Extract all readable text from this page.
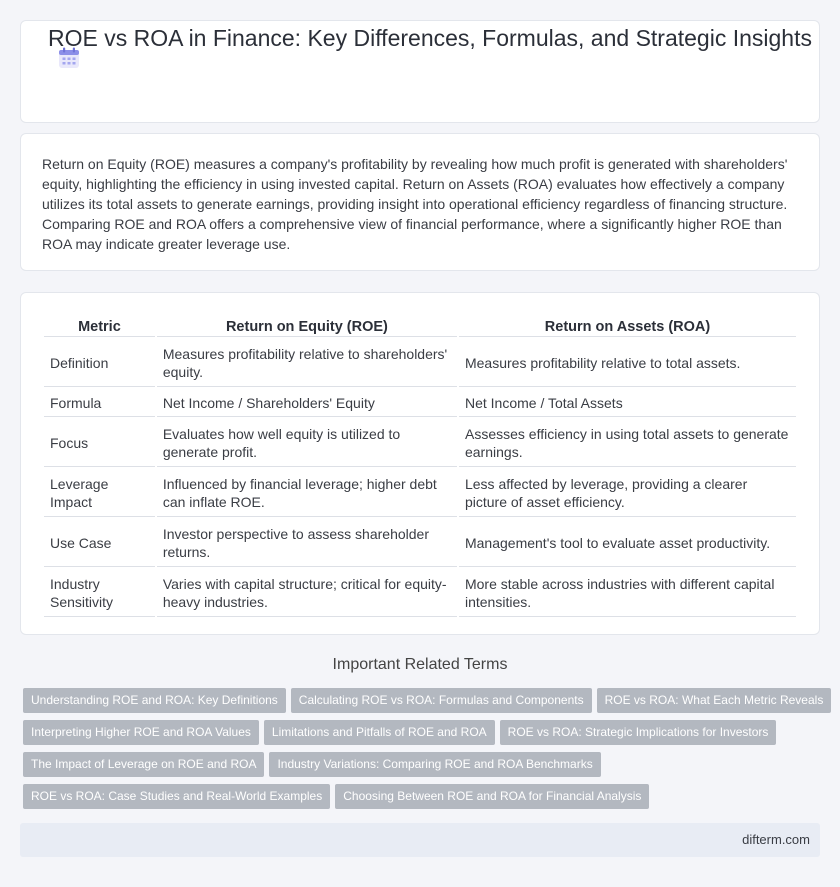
ROE vs ROA in Finance: Key Differences, Formulas, and Strategic Insights

Return on Equity (ROE) measures a company's profitability by revealing how much profit is generated with shareholders' equity, highlighting the efficiency in using invested capital. Return on Assets (ROA) evaluates how effectively a company utilizes its total assets to generate earnings, providing insight into operational efficiency regardless of financing structure. Comparing ROE and ROA offers a comprehensive view of financial performance, where a significantly higher ROE than ROA may indicate greater leverage use.

Metric	Return on Equity (ROE)	Return on Assets (ROA)
Definition	Measures profitability relative to shareholders' equity.	Measures profitability relative to total assets.
Formula	Net Income / Shareholders' Equity	Net Income / Total Assets
Focus	Evaluates how well equity is utilized to generate profit.	Assesses efficiency in using total assets to generate earnings.
Leverage Impact	Influenced by financial leverage; higher debt can inflate ROE.	Less affected by leverage, providing a clearer picture of asset efficiency.
Use Case	Investor perspective to assess shareholder returns.	Management's tool to evaluate asset productivity.
Industry Sensitivity	Varies with capital structure; critical for equity-heavy industries.	More stable across industries with different capital intensities.
Important Related Terms
Understanding ROE and ROA: Key Definitions Calculating ROE vs ROA: Formulas and Components ROE vs ROA: What Each Metric Reveals
Interpreting Higher ROE and ROA Values Limitations and Pitfalls of ROE and ROA ROE vs ROA: Strategic Implications for Investors
The Impact of Leverage on ROE and ROA Industry Variations: Comparing ROE and ROA Benchmarks
ROE vs ROA: Case Studies and Real-World Examples Choosing Between ROE and ROA for Financial Analysis
difterm.com
